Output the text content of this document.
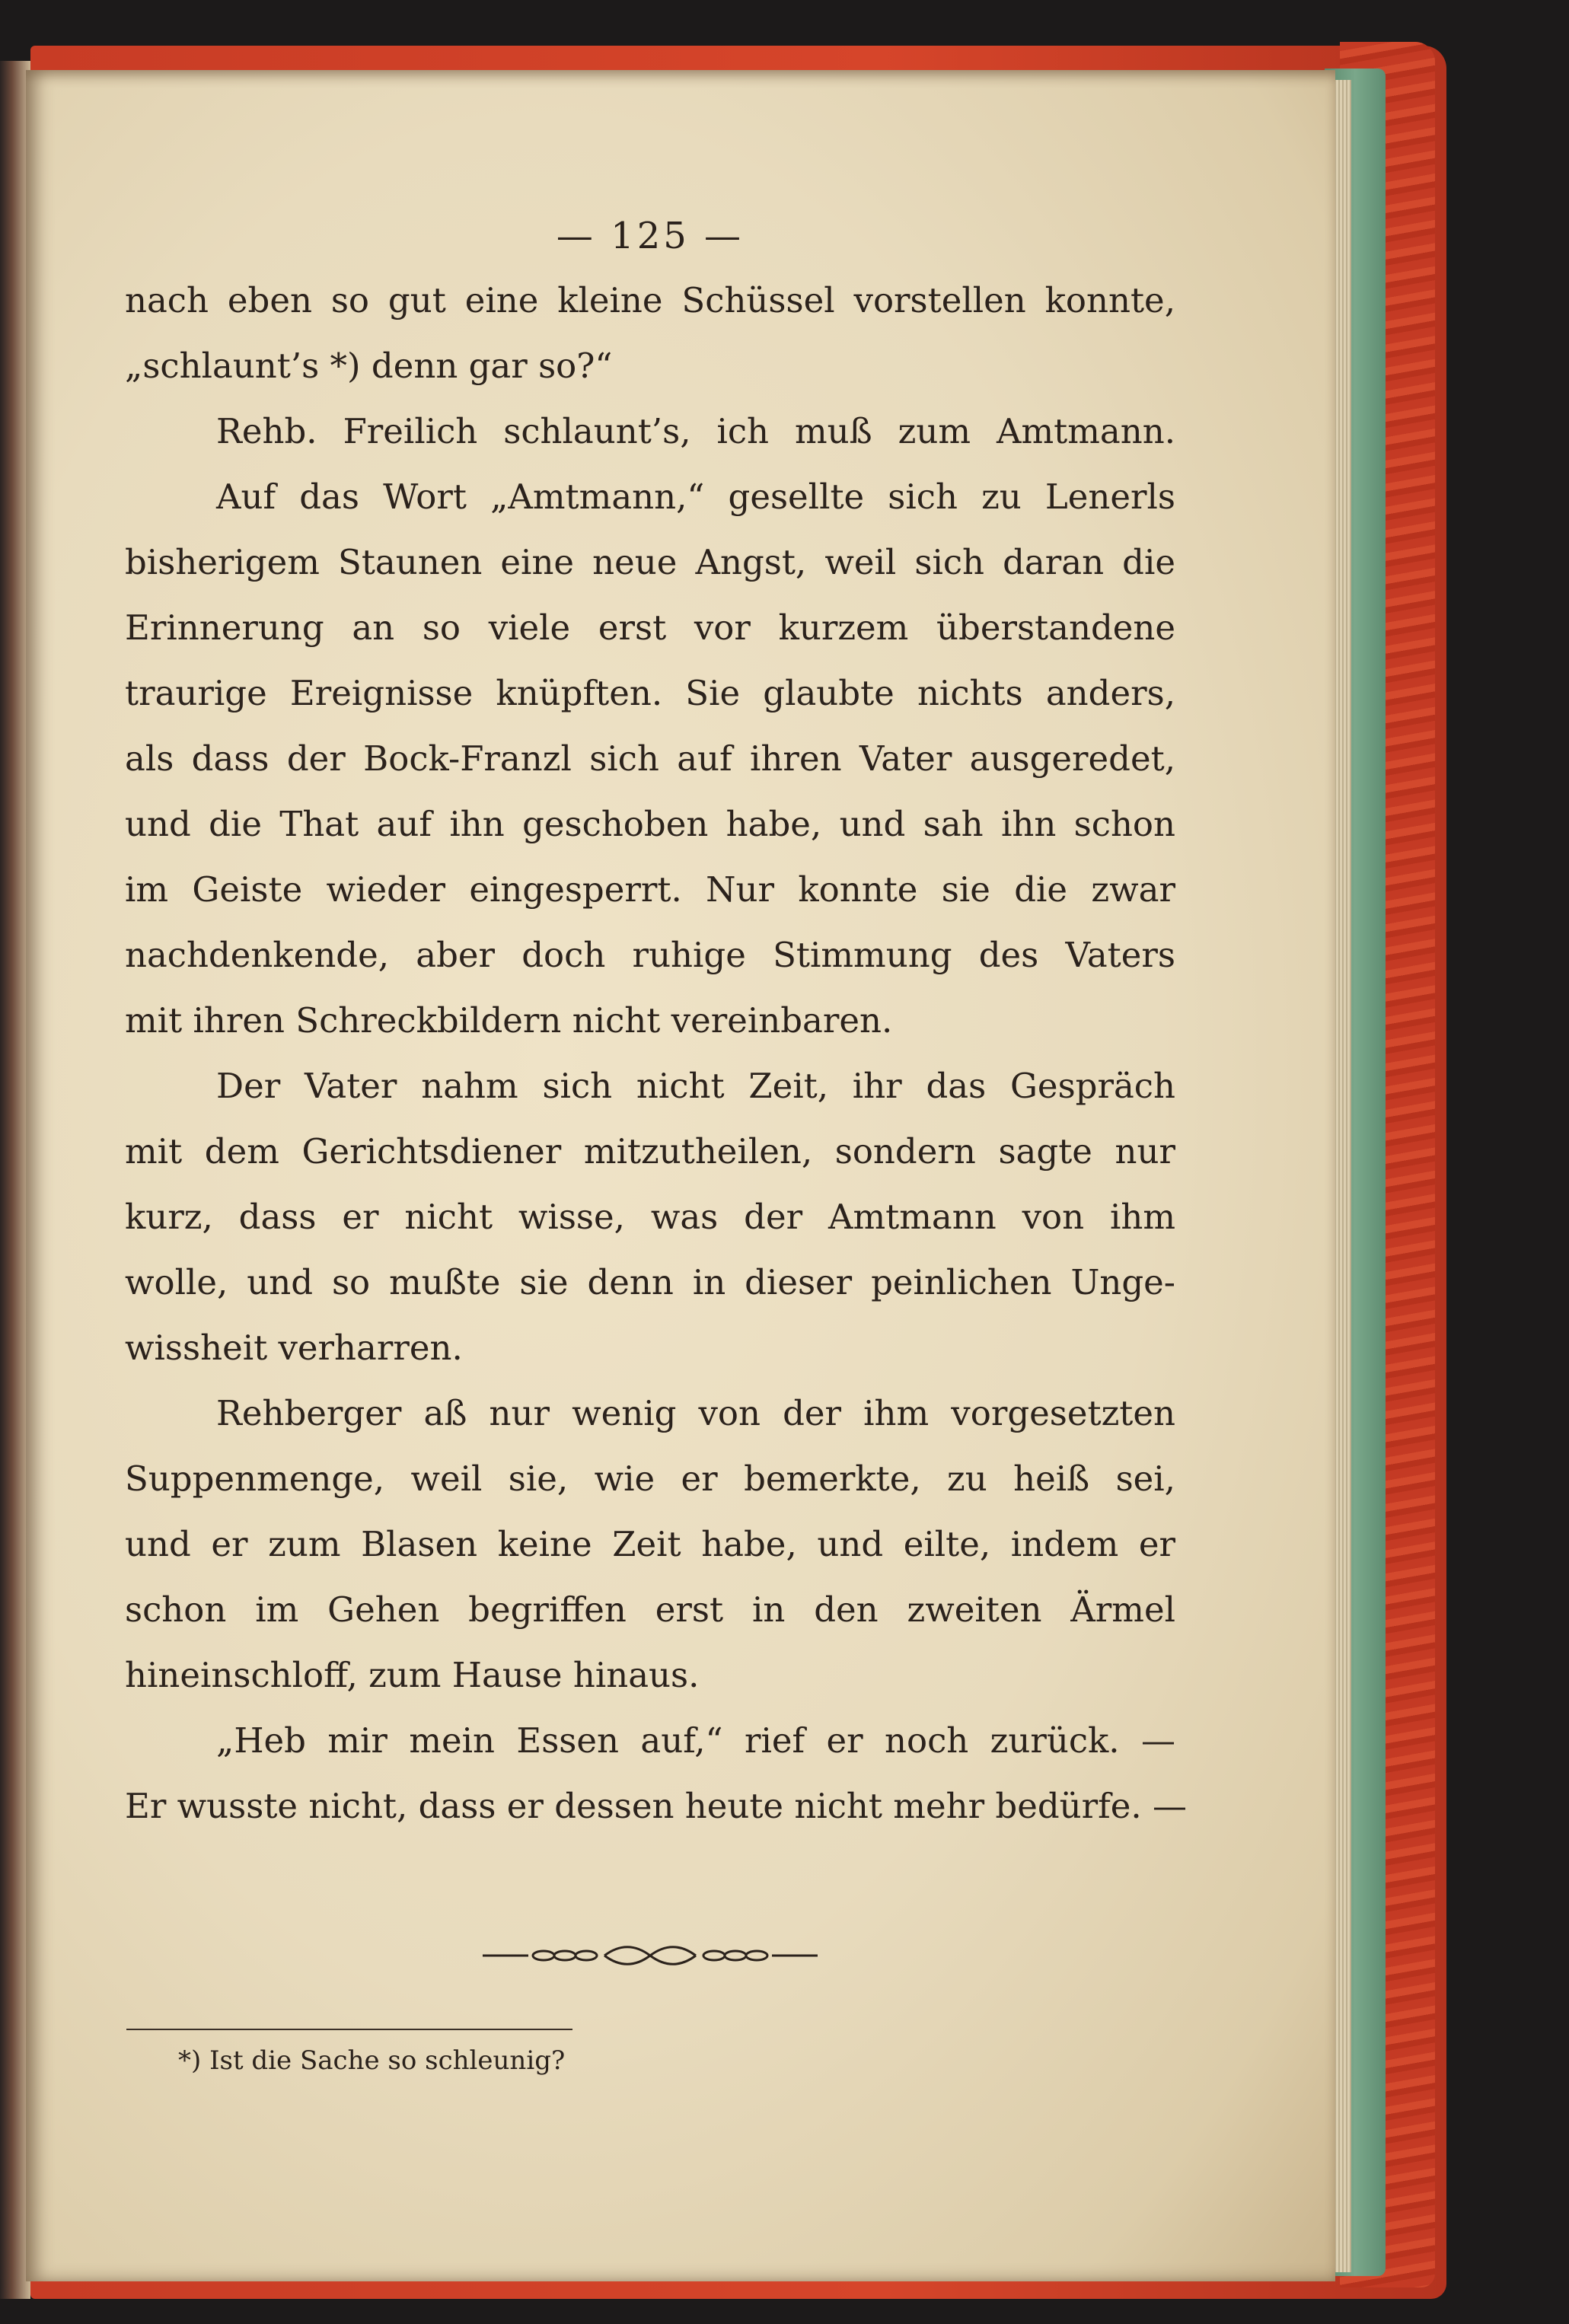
— 125 —

nach eben so gut eine kleine Schüssel vorstellen konnte,
„schlaunt’s *) denn gar so?“

Rehb. Freilich schlaunt’s, ich muß zum Amtmann.

Auf das Wort „Amtmann,“ gesellte sich zu Lenerls
bisherigem Staunen eine neue Angst, weil sich daran die
Erinnerung an so viele erst vor kurzem überstandene
traurige Ereignisse knüpften. Sie glaubte nichts anders,
als dass der Bock-Franzl sich auf ihren Vater ausgeredet,
und die That auf ihn geschoben habe, und sah ihn schon
im Geiste wieder eingesperrt. Nur konnte sie die zwar
nachdenkende, aber doch ruhige Stimmung des Vaters
mit ihren Schreckbildern nicht vereinbaren.

Der Vater nahm sich nicht Zeit, ihr das Gespräch
mit dem Gerichtsdiener mitzutheilen, sondern sagte nur
kurz, dass er nicht wisse, was der Amtmann von ihm
wolle, und so mußte sie denn in dieser peinlichen Unge-
wissheit verharren.

Rehberger aß nur wenig von der ihm vorgesetzten
Suppenmenge, weil sie, wie er bemerkte, zu heiß sei,
und er zum Blasen keine Zeit habe, und eilte, indem er
schon im Gehen begriffen erst in den zweiten Ärmel
hineinschloff, zum Hause hinaus.

„Heb mir mein Essen auf,“ rief er noch zurück. —
Er wusste nicht, dass er dessen heute nicht mehr bedürfe. —

*) Ist die Sache so schleunig?
